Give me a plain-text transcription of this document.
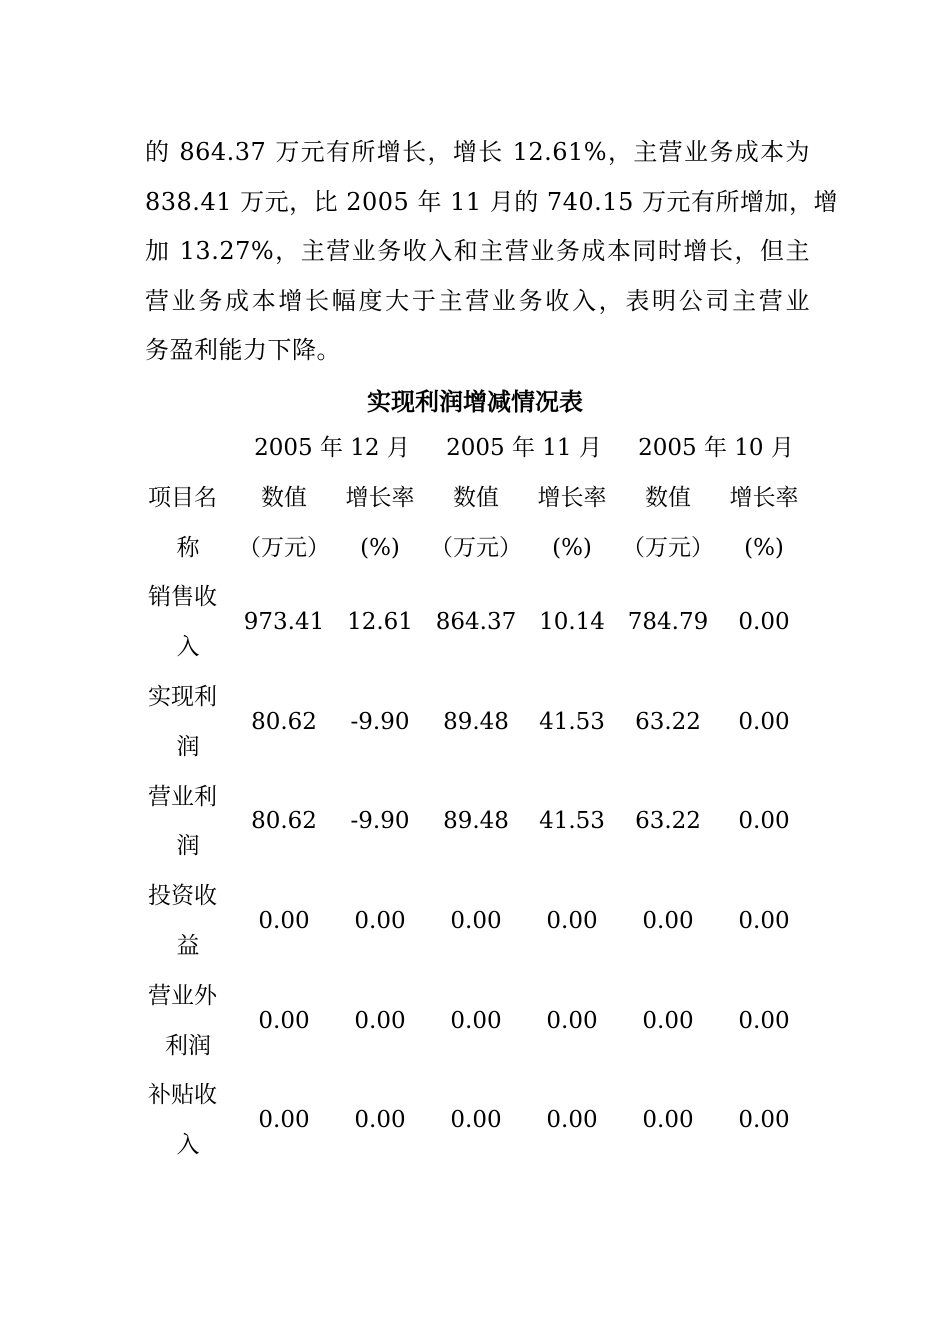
的 864.37 万元有所增长，增长 12.61%，主营业务成本为
838.41 万元，比 2005 年 11 月的 740.15 万元有所增加，增
加 13.27%，主营业务收入和主营业务成本同时增长，但主
营业务成本增长幅度大于主营业务收入，表明公司主营业
务盈利能力下降。

实现利润增减情况表
	2005 年 12 月		2005 年 11 月		2005 年 10 月	

项目名	数值	增长率	数值	增长率	数值	增长率

称	（万元）	(%)	（万元）	(%)	（万元）	(%)

销售收
入	973.41	12.61	864.37	10.14	784.79	0.00

实现利
润	80.62	-9.90	89.48	41.53	63.22	0.00

营业利
润	80.62	-9.90	89.48	41.53	63.22	0.00

投资收
益	0.00	0.00	0.00	0.00	0.00	0.00

营业外
利润	0.00	0.00	0.00	0.00	0.00	0.00

补贴收
入	0.00	0.00	0.00	0.00	0.00	0.00
